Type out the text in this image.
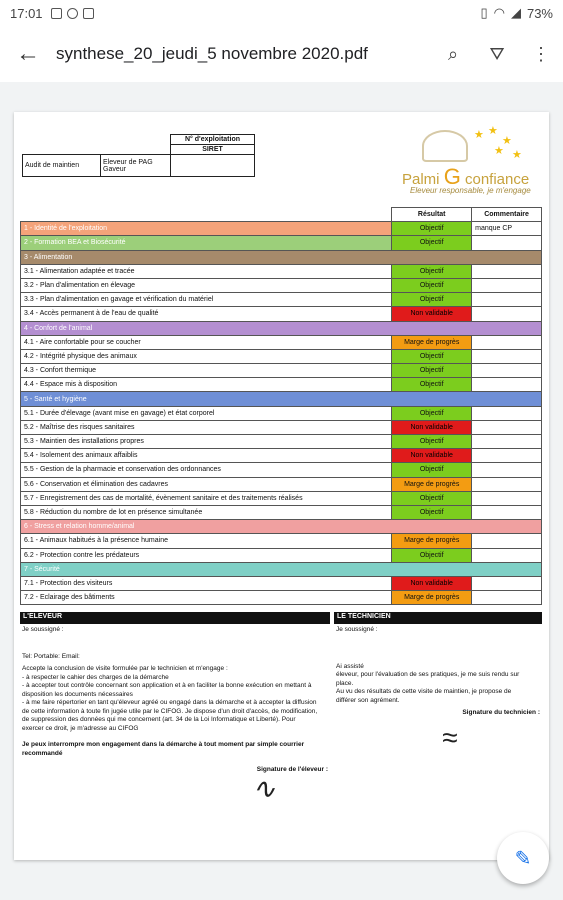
17:01	▯ ◠ ◢ 73%
← synthese_20_jeudi_5 novembre 2020.pdf	⌕	⛛	⋮
		N° d'exploitation
		SIRET
Audit de maintien	Eleveur de PAG
Gaveur	
★ ★
★
★
★
Palmi G confiance
Eleveur responsable, je m'engage
	Résultat	Commentaire
1 - Identité de l'exploitation	Objectif	manque CP
2 - Formation BEA et Biosécurité	Objectif	
3 - Alimentation		
3.1 - Alimentation adaptée et tracée	Objectif	
3.2 - Plan d'alimentation en élevage	Objectif	
3.3 - Plan d'alimentation en gavage et vérification du matériel	Objectif	
3.4 - Accès permanent à de l'eau de qualité	Non validable	
4 - Confort de l'animal		
4.1 - Aire confortable pour se coucher	Marge de progrès	
4.2 - Intégrité physique des animaux	Objectif	
4.3 - Confort thermique	Objectif	
4.4 - Espace mis à disposition	Objectif	
5 - Santé et hygiène		
5.1 - Durée d'élevage (avant mise en gavage) et état corporel	Objectif	
5.2 - Maîtrise des risques sanitaires	Non validable	
5.3 - Maintien des installations propres	Objectif	
5.4 - Isolement des animaux affaiblis	Non validable	
5.5 - Gestion de la pharmacie et conservation des ordonnances	Objectif	
5.6 - Conservation et élimination des cadavres	Marge de progrès	
5.7 - Enregistrement des cas de mortalité, évènement sanitaire et des traitements réalisés	Objectif	
5.8 - Réduction du nombre de lot en présence simultanée	Objectif	
6 - Stress et relation homme/animal		
6.1 - Animaux habitués à la présence humaine	Marge de progrès	
6.2 - Protection contre les prédateurs	Objectif	
7 - Sécurité		
7.1 - Protection des visiteurs	Non validable	
7.2 - Eclairage des bâtiments	Marge de progrès	
L'ELEVEUR
Je soussigné :
Tel: Portable: Email:
Accepte la conclusion de visite formulée par le technicien et m'engage :
- à respecter le cahier des charges de la démarche
- à accepter tout contrôle concernant son application et à en faciliter la bonne exécution en mettant à disposition les documents nécessaires
- à me faire répertorier en tant qu'éleveur agréé ou engagé dans la démarche et à accepter la diffusion de cette information à toute fin jugée utile par le CIFOG. Je dispose d'un droit d'accès, de modification, de suppression des données qui me concernent (art. 34 de la Loi Informatique et Liberté). Pour exercer ce droit, je m'adresse au CIFOG
Je peux interrompre mon engagement dans la démarche à tout moment par simple courrier recommandé
Signature de l'éleveur :
∿
LE TECHNICIEN
Je soussigné :
Ai assisté
éleveur, pour l'évaluation de ses pratiques, je me suis rendu sur place.
Au vu des résultats de cette visite de maintien, je propose de différer son agrément.
Signature du technicien :
≈
✎
